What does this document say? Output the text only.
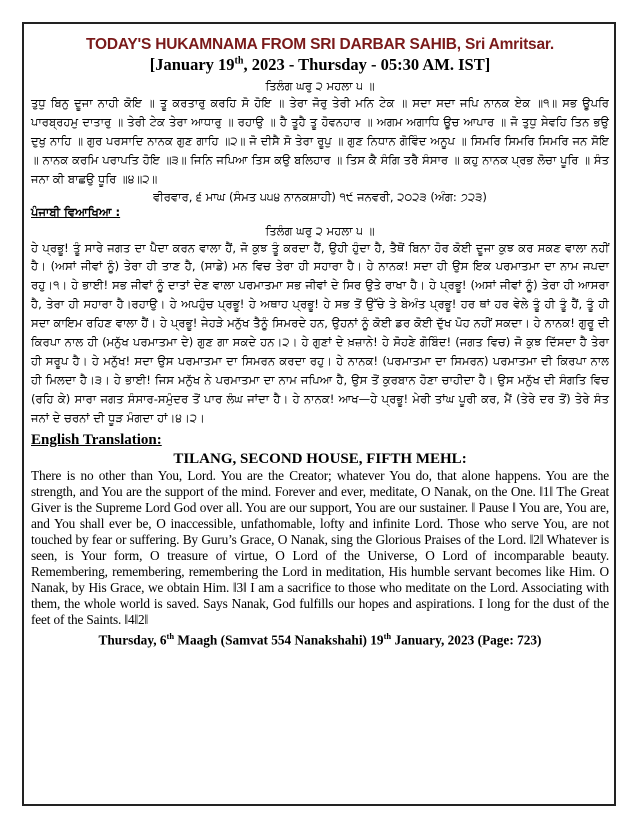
TODAY'S HUKAMNAMA FROM SRI DARBAR SAHIB, Sri Amritsar.
[January 19th, 2023 - Thursday - 05:30 AM. IST]
ਤਿਲੰਗ ਘਰੁ ੨ ਮਹਲਾ ੫ ॥
ਤੁਧੁ ਬਿਨੁ ਦੂਜਾ ਨਾਹੀ ਕੋਇ ॥ ਤੂ ਕਰਤਾਰੁ ਕਰਹਿ ਸੋ ਹੋਇ ॥ ਤੇਰਾ ਜੋਰੁ ਤੇਰੀ ਮਨਿ ਟੇਕ ॥ ਸਦਾ ਸਦਾ ਜਪਿ ਨਾਨਕ ਏਕ ॥੧॥ ਸਭ ਊਪਰਿ ਪਾਰਬ੍ਰਹਮੁ ਦਾਤਾਰੁ ॥ ਤੇਰੀ ਟੇਕ ਤੇਰਾ ਆਧਾਰੁ ॥ ਰਹਾਉ ॥ ਹੈ ਤੂਹੈ ਤੂ ਹੋਵਨਹਾਰ ॥ ਅਗਮ ਅਗਾਧਿ ਊਚ ਆਪਾਰ ॥ ਜੋ ਤੁਧੁ ਸੇਵਹਿ ਤਿਨ ਭਉ ਦੁਖੁ ਨਾਹਿ ॥ ਗੁਰ ਪਰਸਾਦਿ ਨਾਨਕ ਗੁਣ ਗਾਹਿ ॥੨॥ ਜੋ ਦੀਸੈ ਸੋ ਤੇਰਾ ਰੂਪੁ ॥ ਗੁਣ ਨਿਧਾਨ ਗੋਵਿੰਦ ਅਨੂਪ ॥ ਸਿਮਰਿ ਸਿਮਰਿ ਸਿਮਰਿ ਜਨ ਸੋਇ ॥ ਨਾਨਕ ਕਰਮਿ ਪਰਾਪਤਿ ਹੋਇ ॥੩॥ ਜਿਨਿ ਜਪਿਆ ਤਿਸ ਕਉ ਬਲਿਹਾਰ ॥ ਤਿਸ ਕੈ ਸੰਗਿ ਤਰੈ ਸੰਸਾਰ ॥ ਕਹੁ ਨਾਨਕ ਪ੍ਰਭ ਲੋਚਾ ਪੂਰਿ ॥ ਸੰਤ ਜਨਾ ਕੀ ਬਾਛਉ ਧੂਰਿ ॥੪॥੨॥
ਵੀਰਵਾਰ, ੬ ਮਾਘ (ਸੰਮਤ ੫੫੪ ਨਾਨਕਸ਼ਾਹੀ) ੧੯ ਜਨਵਰੀ, ੨੦੨੩ (ਅੰਗ: ੭੨੩)
ਪੰਜਾਬੀ ਵਿਆਖਿਆ :
ਤਿਲੰਗ ਘਰੁ ੨ ਮਹਲਾ ੫ ॥
ਹੇ ਪ੍ਰਭੂ! ਤੂੰ ਸਾਰੇ ਜਗਤ ਦਾ ਪੈਦਾ ਕਰਨ ਵਾਲਾ ਹੈਂ, ਜੋ ਕੁਝ ਤੂੰ ਕਰਦਾ ਹੈਂ, ਉਹੀ ਹੁੰਦਾ ਹੈ, ਤੈਥੋਂ ਬਿਨਾ ਹੋਰ ਕੋਈ ਦੂਜਾ ਕੁਝ ਕਰ ਸਕਣ ਵਾਲਾ ਨਹੀਂ ਹੈ। (ਅਸਾਂ ਜੀਵਾਂ ਨੂੰ) ਤੇਰਾ ਹੀ ਤਾਣ ਹੈ, (ਸਾਡੇ) ਮਨ ਵਿਚ ਤੇਰਾ ਹੀ ਸਹਾਰਾ ਹੈ। ਹੇ ਨਾਨਕ! ਸਦਾ ਹੀ ਉਸ ਇਕ ਪਰਮਾਤਮਾ ਦਾ ਨਾਮ ਜਪਦਾ ਰਹੁ।੧। ਹੇ ਭਾਈ! ਸਭ ਜੀਵਾਂ ਨੂੰ ਦਾਤਾਂ ਦੇਣ ਵਾਲਾ ਪਰਮਾਤਮਾ ਸਭ ਜੀਵਾਂ ਦੇ ਸਿਰ ਉਤੇ ਰਾਖਾ ਹੈ। ਹੇ ਪ੍ਰਭੂ! (ਅਸਾਂ ਜੀਵਾਂ ਨੂੰ) ਤੇਰਾ ਹੀ ਆਸਰਾ ਹੈ, ਤੇਰਾ ਹੀ ਸਹਾਰਾ ਹੈ।ਰਹਾਉ। ਹੇ ਅਪਹੁੰਚ ਪ੍ਰਭੂ! ਹੇ ਅਥਾਹ ਪ੍ਰਭੂ! ਹੇ ਸਭ ਤੋਂ ਉੱਚੇ ਤੇ ਬੇਅੰਤ ਪ੍ਰਭੂ! ਹਰ ਥਾਂ ਹਰ ਵੇਲੇ ਤੂੰ ਹੀ ਤੂੰ ਹੈਂ, ਤੂੰ ਹੀ ਸਦਾ ਕਾਇਮ ਰਹਿਣ ਵਾਲਾ ਹੈਂ। ਹੇ ਪ੍ਰਭੂ! ਜੇਹੜੇ ਮਨੁੱਖ ਤੈਨੂੰ ਸਿਮਰਦੇ ਹਨ, ਉਹਨਾਂ ਨੂੰ ਕੋਈ ਡਰ ਕੋਈ ਦੁੱਖ ਪੋਹ ਨਹੀਂ ਸਕਦਾ। ਹੇ ਨਾਨਕ! ਗੁਰੂ ਦੀ ਕਿਰਪਾ ਨਾਲ ਹੀ (ਮਨੁੱਖ ਪਰਮਾਤਮਾ ਦੇ) ਗੁਣ ਗਾ ਸਕਦੇ ਹਨ।੨। ਹੇ ਗੁਣਾਂ ਦੇ ਖ਼ਜ਼ਾਨੇ! ਹੇ ਸੋਹਣੇ ਗੋਬਿੰਦ! (ਜਗਤ ਵਿਚ) ਜੋ ਕੁਝ ਦਿੱਸਦਾ ਹੈ ਤੇਰਾ ਹੀ ਸਰੂਪ ਹੈ। ਹੇ ਮਨੁੱਖ! ਸਦਾ ਉਸ ਪਰਮਾਤਮਾ ਦਾ ਸਿਮਰਨ ਕਰਦਾ ਰਹੁ। ਹੇ ਨਾਨਕ! (ਪਰਮਾਤਮਾ ਦਾ ਸਿਮਰਨ) ਪਰਮਾਤਮਾ ਦੀ ਕਿਰਪਾ ਨਾਲ ਹੀ ਮਿਲਦਾ ਹੈ।੩। ਹੇ ਭਾਈ! ਜਿਸ ਮਨੁੱਖ ਨੇ ਪਰਮਾਤਮਾ ਦਾ ਨਾਮ ਜਪਿਆ ਹੈ, ਉਸ ਤੋਂ ਕੁਰਬਾਨ ਹੋਣਾ ਚਾਹੀਦਾ ਹੈ। ਉਸ ਮਨੁੱਖ ਦੀ ਸੰਗਤਿ ਵਿਚ (ਰਹਿ ਕੇ) ਸਾਰਾ ਜਗਤ ਸੰਸਾਰ-ਸਮੁੰਦਰ ਤੋਂ ਪਾਰ ਲੰਘ ਜਾਂਦਾ ਹੈ। ਹੇ ਨਾਨਕ! ਆਖ—ਹੇ ਪ੍ਰਭੂ! ਮੇਰੀ ਤਾਂਘ ਪੂਰੀ ਕਰ, ਮੈਂ (ਤੇਰੇ ਦਰ ਤੋਂ) ਤੇਰੇ ਸੰਤ ਜਨਾਂ ਦੇ ਚਰਨਾਂ ਦੀ ਧੂੜ ਮੰਗਦਾ ਹਾਂ।੪।੨।
English Translation:
TILANG, SECOND HOUSE, FIFTH MEHL:
There is no other than You, Lord. You are the Creator; whatever You do, that alone happens. You are the strength, and You are the support of the mind. Forever and ever, meditate, O Nanak, on the One. ‖1‖ The Great Giver is the Supreme Lord God over all. You are our support, You are our sustainer. ‖ Pause ‖ You are, You are, and You shall ever be, O inaccessible, unfathomable, lofty and infinite Lord. Those who serve You, are not touched by fear or suffering. By Guru’s Grace, O Nanak, sing the Glorious Praises of the Lord. ‖2‖ Whatever is seen, is Your form, O treasure of virtue, O Lord of the Universe, O Lord of incomparable beauty. Remembering, remembering, remembering the Lord in meditation, His humble servant becomes like Him. O Nanak, by His Grace, we obtain Him. ‖3‖ I am a sacrifice to those who meditate on the Lord. Associating with them, the whole world is saved. Says Nanak, God fulfills our hopes and aspirations. I long for the dust of the feet of the Saints. ‖4‖2‖
Thursday, 6th Maagh (Samvat 554 Nanakshahi) 19th January, 2023 (Page: 723)
